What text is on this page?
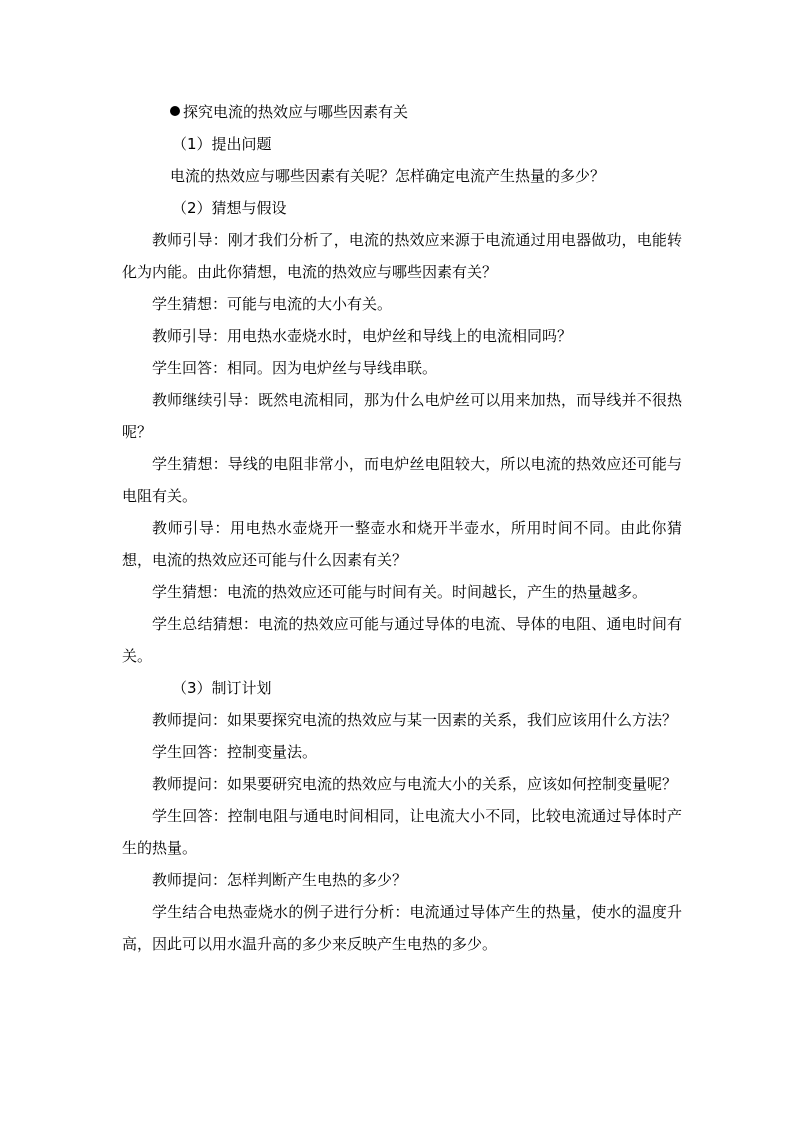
探究电流的热效应与哪些因素有关
（1）提出问题
电流的热效应与哪些因素有关呢？怎样确定电流产生热量的多少？
（2）猜想与假设
教师引导：刚才我们分析了，电流的热效应来源于电流通过用电器做功，电能转化为内能。由此你猜想，电流的热效应与哪些因素有关？
学生猜想：可能与电流的大小有关。
教师引导：用电热水壶烧水时，电炉丝和导线上的电流相同吗？
学生回答：相同。因为电炉丝与导线串联。
教师继续引导：既然电流相同，那为什么电炉丝可以用来加热，而导线并不很热呢？
学生猜想：导线的电阻非常小，而电炉丝电阻较大，所以电流的热效应还可能与电阻有关。
教师引导：用电热水壶烧开一整壶水和烧开半壶水，所用时间不同。由此你猜想，电流的热效应还可能与什么因素有关？
学生猜想：电流的热效应还可能与时间有关。时间越长，产生的热量越多。
学生总结猜想：电流的热效应可能与通过导体的电流、导体的电阻、通电时间有关。
（3）制订计划
教师提问：如果要探究电流的热效应与某一因素的关系，我们应该用什么方法？
学生回答：控制变量法。
教师提问：如果要研究电流的热效应与电流大小的关系，应该如何控制变量呢？
学生回答：控制电阻与通电时间相同，让电流大小不同，比较电流通过导体时产生的热量。
教师提问：怎样判断产生电热的多少？
学生结合电热壶烧水的例子进行分析：电流通过导体产生的热量，使水的温度升高，因此可以用水温升高的多少来反映产生电热的多少。
